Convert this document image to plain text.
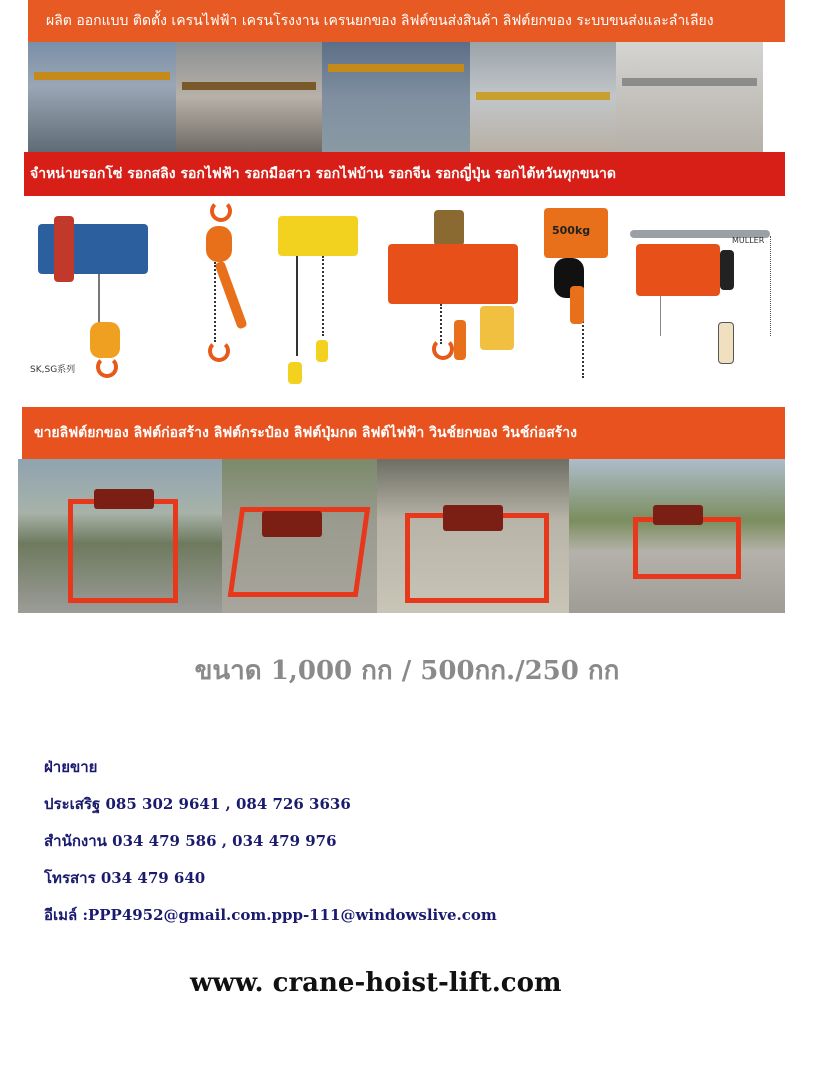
ผลิต ออกแบบ ติดตั้ง เครนไฟฟ้า เครนโรงงาน เครนยกของ ลิฟต์ขนส่งสินค้า ลิฟต์ยกของ ระบบขนส่งและลำเลียง
จำหน่ายรอกโซ่ รอกสลิง รอกไฟฟ้า รอกมือสาว รอกไฟบ้าน รอกจีน รอกญี่ปุ่น รอกไต้หวันทุกขนาด
SK,SG系列
500kg
MULLER
ขายลิฟต์ยกของ ลิฟต์ก่อสร้าง ลิฟต์กระป๋อง ลิฟต์ปุ่มกด ลิฟต์ไฟฟ้า วินช์ยกของ วินช์ก่อสร้าง
ขนาด 1,000 กก / 500กก./250 กก
ฝ่ายขาย
ประเสริฐ 085 302 9641 , 084 726 3636
สำนักงาน 034 479 586 , 034 479 976
โทรสาร 034 479 640
อีเมล์ :PPP4952@gmail.com.ppp-111@windowslive.com
www. crane-hoist-lift.com
